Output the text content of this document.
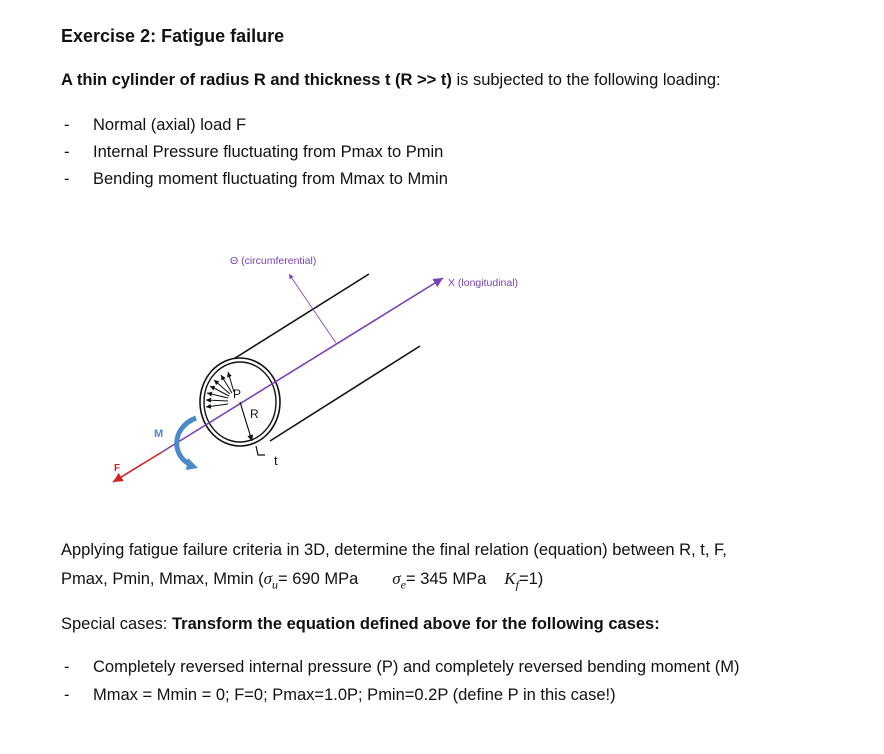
Exercise 2: Fatigue failure
A thin cylinder of radius R and thickness t (R >> t) is subjected to the following loading:
- Normal (axial) load F
- Internal Pressure fluctuating from Pmax to Pmin
- Bending moment fluctuating from Mmax to Mmin
Θ (circumferential)
X (longitudinal)
M
F
P
R
t
Applying fatigue failure criteria in 3D, determine the final relation (equation) between R, t, F,
Pmax, Pmin, Mmax, Mmin ($\sigma_u= 690$ MPa $\sigma_e= 345$ MPa $K_f=1$)
Special cases: Transform the equation defined above for the following cases:
- Completely reversed internal pressure (P) and completely reversed bending moment (M)
- Mmax = Mmin = 0; F=0; Pmax=1.0P; Pmin=0.2P (define P in this case!)
